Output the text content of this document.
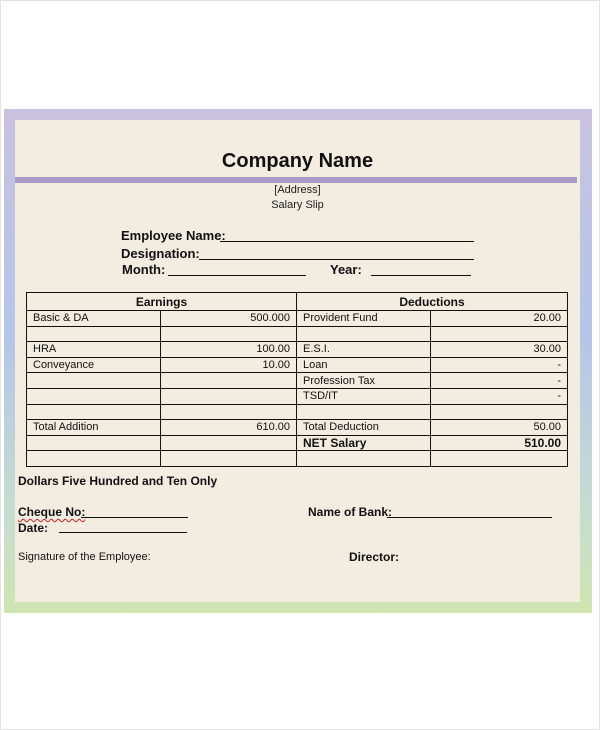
Company Name
[Address]
Salary Slip
Employee Name:
Designation:
Month:	Year:
Earnings		Deductions	
Basic & DA	500.000	Provident Fund	20.00

HRA	100.00	E.S.I.	30.00
Conveyance	10.00	Loan	-
		Profession Tax	-
		TSD/IT	-

Total Addition	610.00	Total Deduction	50.00
		NET Salary	510.00

Dollars Five Hundred and Ten Only
Cheque No:
Date:
Name of Bank:
Signature of the Employee:	Director:
